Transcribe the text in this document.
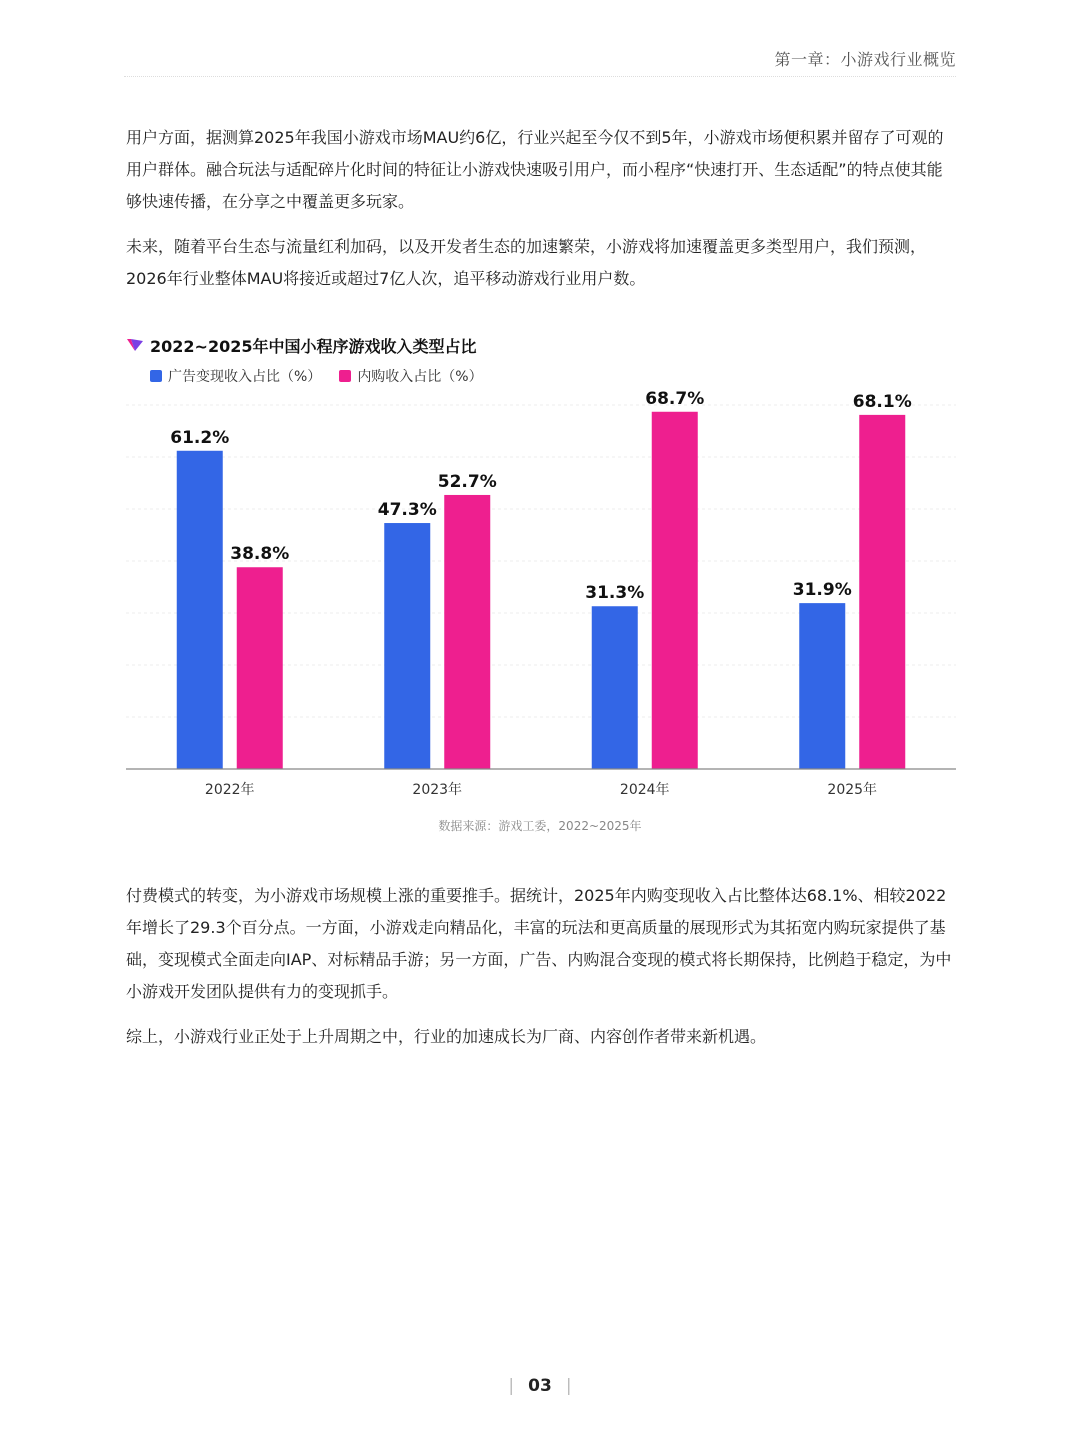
第一章：小游戏行业概览

用户方面，据测算2025年我国小游戏市场MAU约6亿，行业兴起至今仅不到5年，小游戏市场便积累并留存了可观的用户群体。融合玩法与适配碎片化时间的特征让小游戏快速吸引用户，而小程序“快速打开、生态适配”的特点使其能够快速传播，在分享之中覆盖更多玩家。

未来，随着平台生态与流量红利加码，以及开发者生态的加速繁荣，小游戏将加速覆盖更多类型用户，我们预测，2026年行业整体MAU将接近或超过7亿人次，追平移动游戏行业用户数。

2022~2025年中国小程序游戏收入类型占比
广告变现收入占比（%）	内购收入占比（%）
61.2%
38.8%
2022年
47.3%
52.7%
2023年
31.3%
68.7%
2024年
31.9%
68.1%
2025年
数据来源：游戏工委，2022~2025年

付费模式的转变，为小游戏市场规模上涨的重要推手。据统计，2025年内购变现收入占比整体达68.1%、相较2022年增长了29.3个百分点。一方面，小游戏走向精品化，丰富的玩法和更高质量的展现形式为其拓宽内购玩家提供了基础，变现模式全面走向IAP、对标精品手游；另一方面，广告、内购混合变现的模式将长期保持，比例趋于稳定，为中小游戏开发团队提供有力的变现抓手。

综上，小游戏行业正处于上升周期之中，行业的加速成长为厂商、内容创作者带来新机遇。

| 03 |
